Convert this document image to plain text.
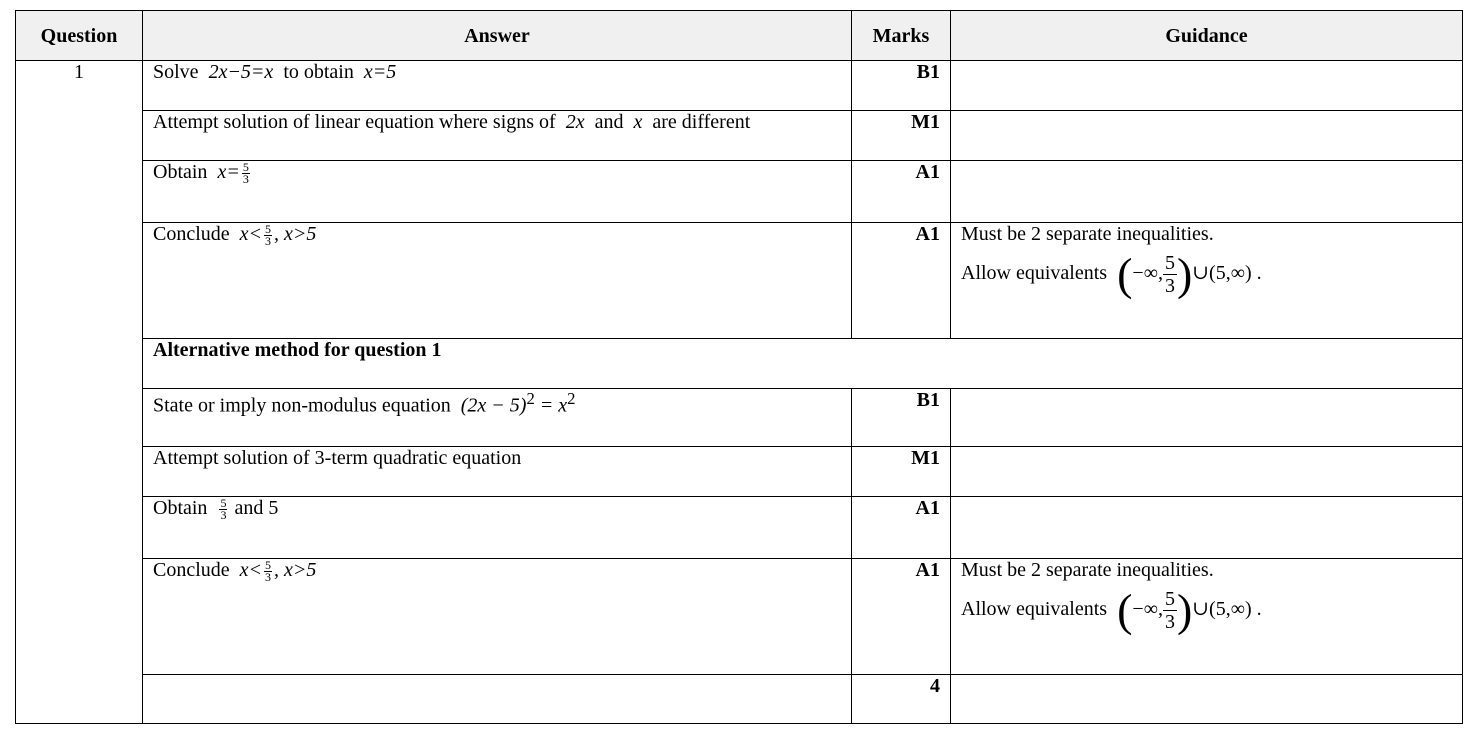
Question	Answer	Marks	Guidance
1	Solve 2x−5=x to obtain x=5	B1	
	Attempt solution of linear equation where signs of 2x and x are different	M1	
	Obtain $x= \frac{5}{3}$	A1	
	Conclude $x< \frac{5}{3}$ , x>5	A1	Must be 2 separate inequalities.
Allow equivalents (−∞, $\frac{5}{3}$ )∪(5,∞) .

	Alternative method for question 1		
	State or imply non-modulus equation $(2x - 5)^2 = x^2$	B1	
	Attempt solution of 3-term quadratic equation	M1	
	Obtain $\frac{5}{3}$ and 5	A1	
	Conclude $x< \frac{5}{3}$ , x>5	A1	Must be 2 separate inequalities.
Allow equivalents (−∞, $\frac{5}{3}$ )∪(5,∞) .

		4	
